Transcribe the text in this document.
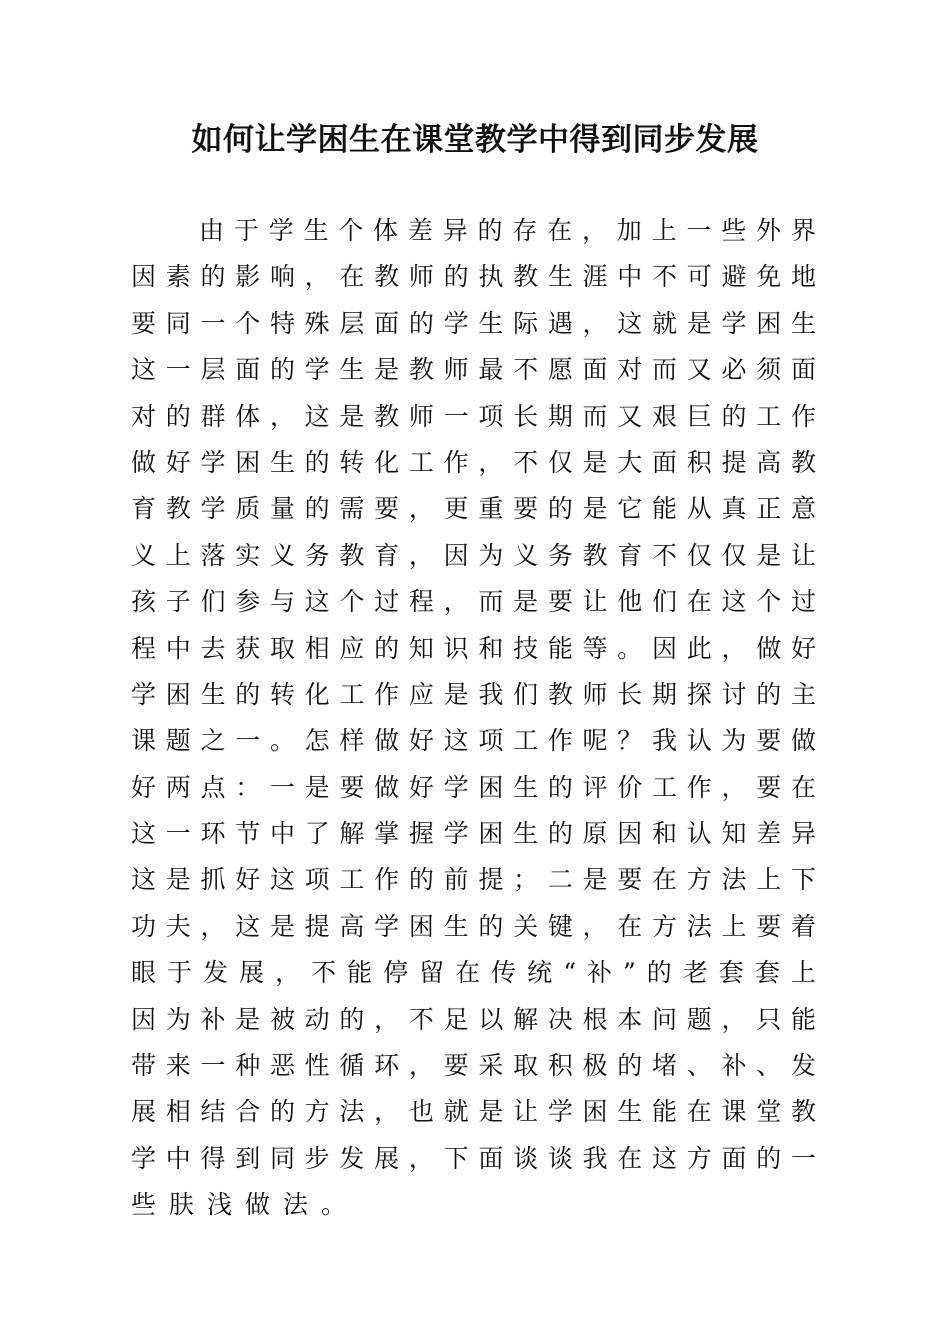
如何让学困生在课堂教学中得到同步发展
由 于 学 生 个 体 差 异 的 存 在 ， 加 上 一 些 外 界
因 素 的 影 响 ， 在 教 师 的 执 教 生 涯 中 不 可 避 免 地
要 同 一 个 特 殊 层 面 的 学 生 际 遇 ， 这 就 是 学 困 生
这 一 层 面 的 学 生 是 教 师 最 不 愿 面 对 而 又 必 须 面
对 的 群 体 ， 这 是 教 师 一 项 长 期 而 又 艰 巨 的 工 作
做 好 学 困 生 的 转 化 工 作 ， 不 仅 是 大 面 积 提 高 教
育 教 学 质 量 的 需 要 ， 更 重 要 的 是 它 能 从 真 正 意
义 上 落 实 义 务 教 育 ， 因 为 义 务 教 育 不 仅 仅 是 让
孩 子 们 参 与 这 个 过 程 ， 而 是 要 让 他 们 在 这 个 过
程 中 去 获 取 相 应 的 知 识 和 技 能 等 。 因 此 ， 做 好
学 困 生 的 转 化 工 作 应 是 我 们 教 师 长 期 探 讨 的 主
课 题 之 一 。 怎 样 做 好 这 项 工 作 呢 ？ 我 认 为 要 做
好 两 点 ： 一 是 要 做 好 学 困 生 的 评 价 工 作 ， 要 在
这 一 环 节 中 了 解 掌 握 学 困 生 的 原 因 和 认 知 差 异
这 是 抓 好 这 项 工 作 的 前 提 ； 二 是 要 在 方 法 上 下
功 夫 ， 这 是 提 高 学 困 生 的 关 键 ， 在 方 法 上 要 着
眼 于 发 展 ， 不 能 停 留 在 传 统 “ 补 ” 的 老 套 套 上
因 为 补 是 被 动 的 ， 不 足 以 解 决 根 本 问 题 ， 只 能
带 来 一 种 恶 性 循 环 ， 要 采 取 积 极 的 堵 、 补 、 发
展 相 结 合 的 方 法 ， 也 就 是 让 学 困 生 能 在 课 堂 教
学 中 得 到 同 步 发 展 ， 下 面 谈 谈 我 在 这 方 面 的 一
些肤浅做法。
